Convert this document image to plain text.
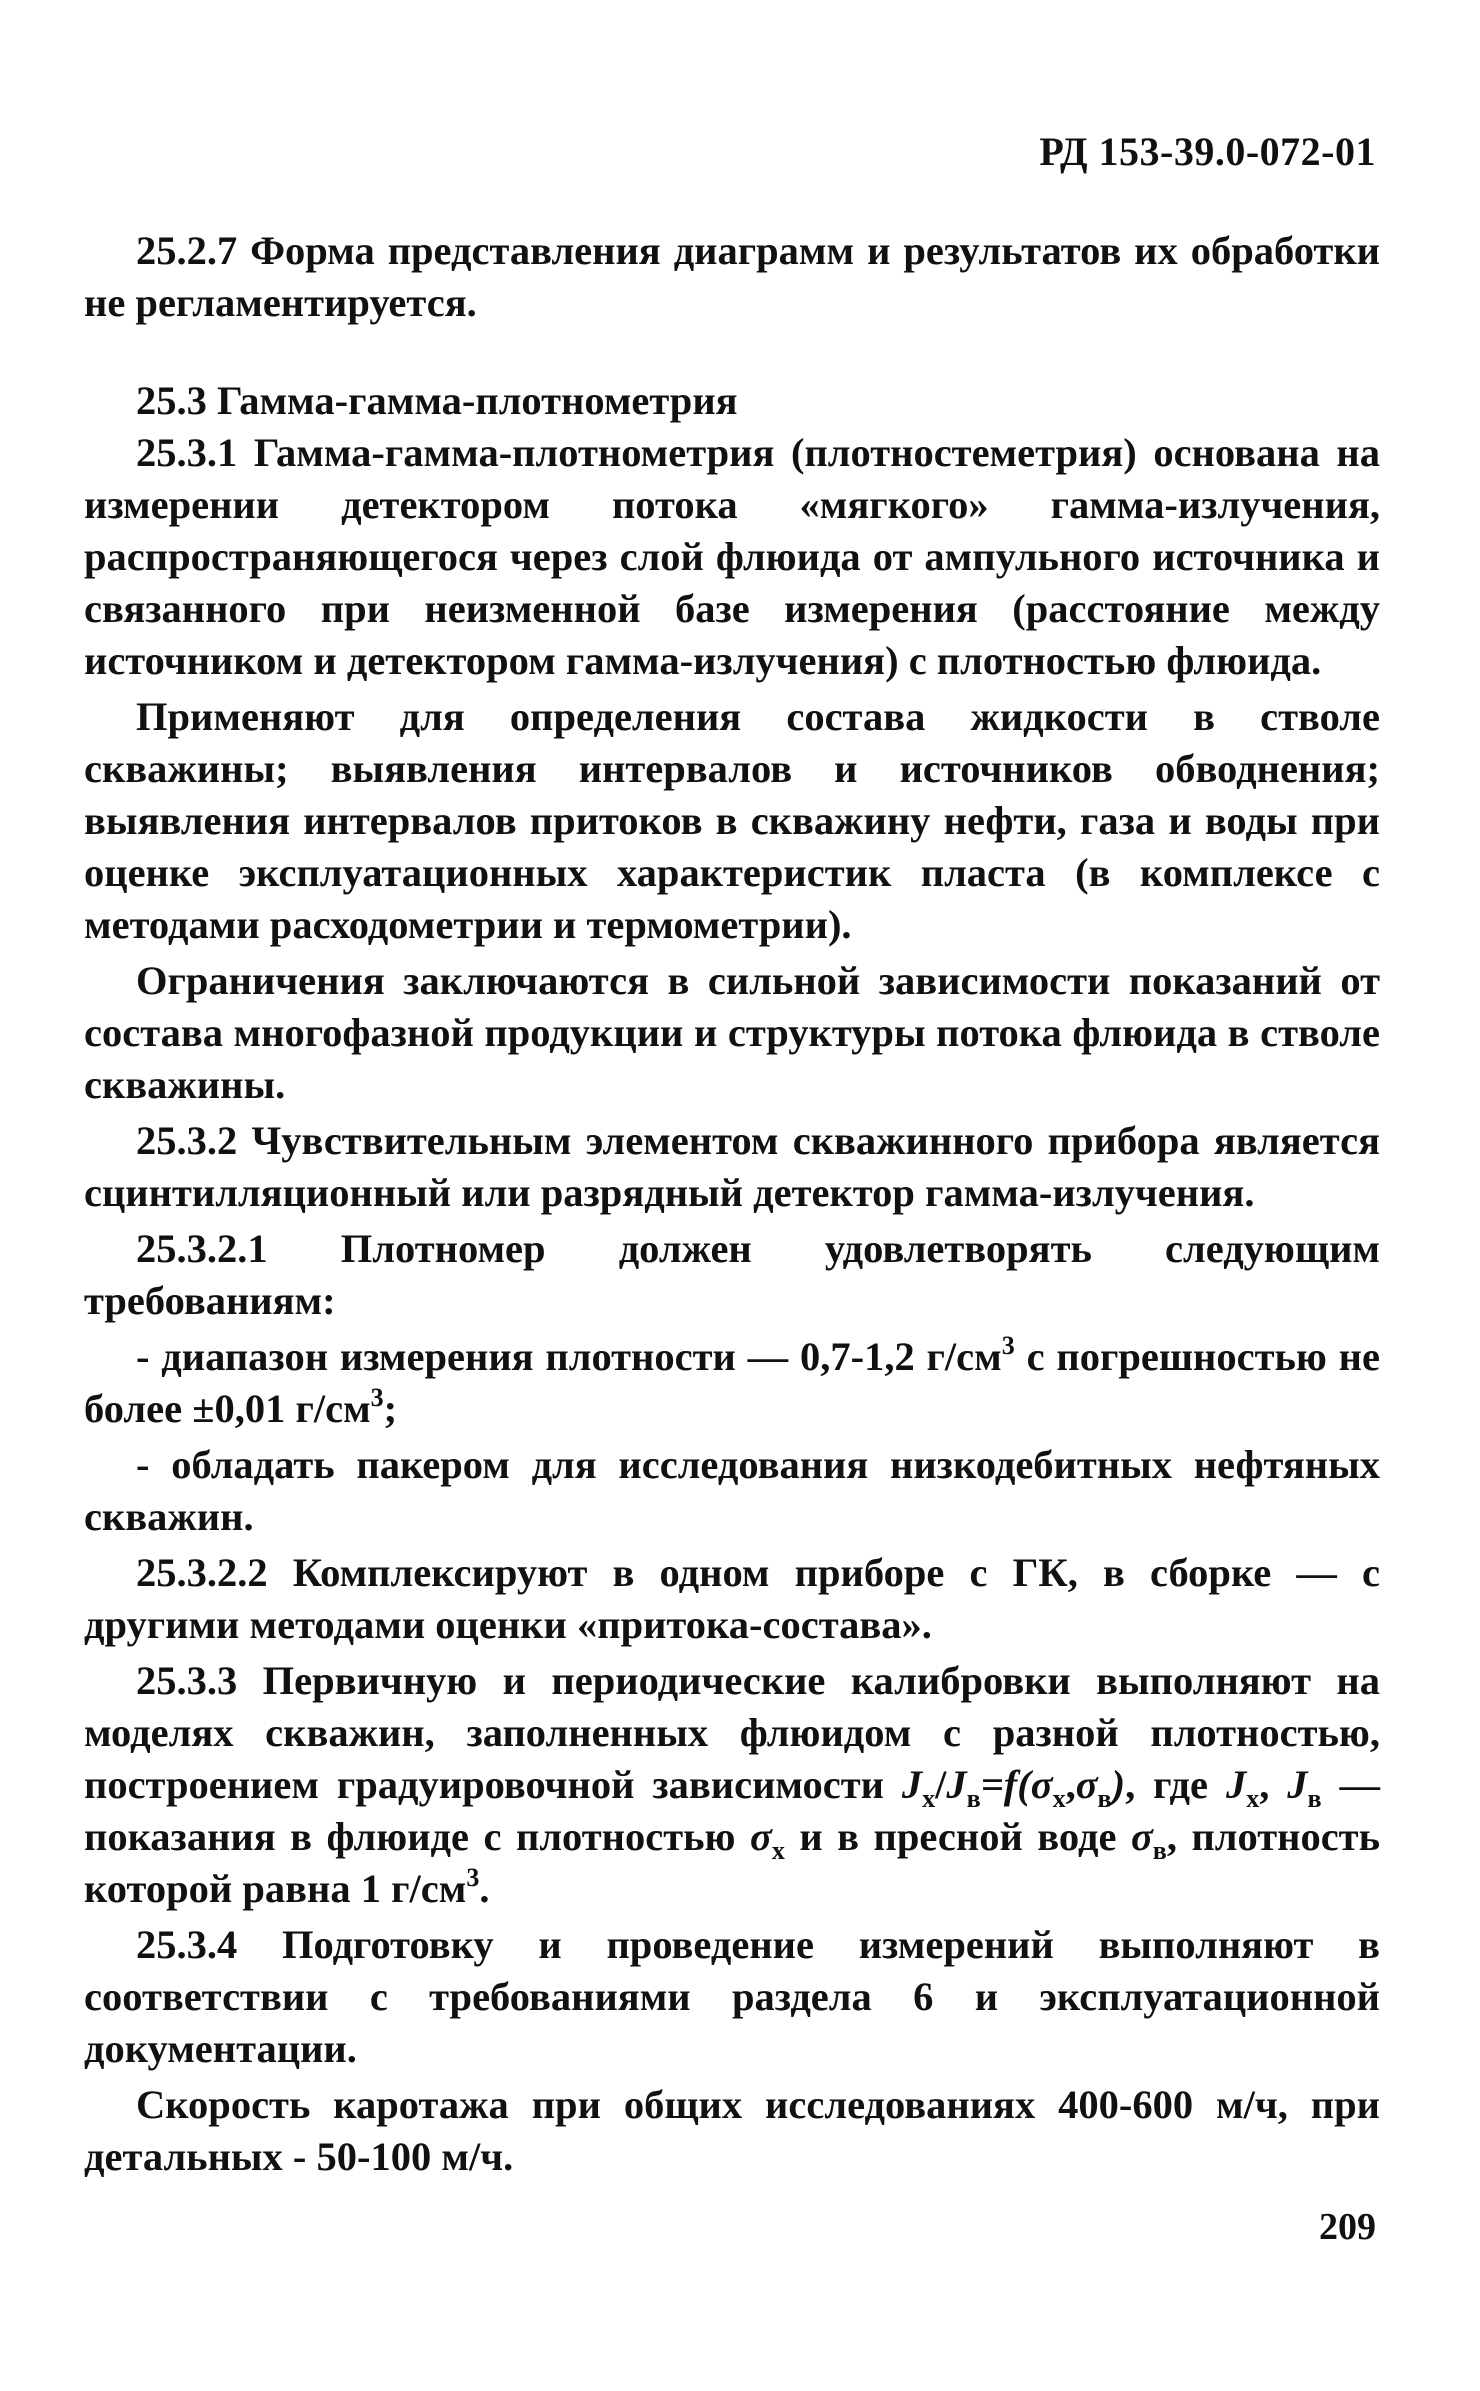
РД 153-39.0-072-01

25.2.7 Форма представления диаграмм и результатов их обработки не регламентируется.

25.3 Гамма-гамма-плотнометрия

25.3.1 Гамма-гамма-плотнометрия (плотностеметрия) основана на измерении детектором потока «мягкого» гамма-излучения, распространяющегося через слой флюида от ампульного источника и связанного при неизменной базе измерения (расстояние между источником и детектором гамма-излучения) с плотностью флюида.

Применяют для определения состава жидкости в стволе скважины; выявления интервалов и источников обводнения; выявления интервалов притоков в скважину нефти, газа и воды при оценке эксплуатационных характеристик пласта (в комплексе с методами расходометрии и термометрии).

Ограничения заключаются в сильной зависимости показаний от состава многофазной продукции и структуры потока флюида в стволе скважины.

25.3.2 Чувствительным элементом скважинного прибора является сцинтилляционный или разрядный детектор гамма-излучения.

25.3.2.1 Плотномер должен удовлетворять следующим требованиям:

- диапазон измерения плотности — 0,7-1,2 $г/см^3$ с погрешностью не более ±0,01 $г/см^3$;

- обладать пакером для исследования низкодебитных нефтяных скважин.

25.3.2.2 Комплексируют в одном приборе с ГК, в сборке — с другими методами оценки «притока-состава».

25.3.3 Первичную и периодические калибровки выполняют на моделях скважин, заполненных флюидом с разной плотностью, построением градуировочной зависимости $J_x/J_в=f(\sigma_x,\sigma_в)$, где $J_x$, $J_в$ — показания в флюиде с плотностью $\sigma_x$ и в пресной воде $\sigma_в$, плотность которой равна 1 $г/см^3$.

25.3.4 Подготовку и проведение измерений выполняют в соответствии с требованиями раздела 6 и эксплуатационной документации.

Скорость каротажа при общих исследованиях 400-600 м/ч, при детальных - 50-100 м/ч.

209
